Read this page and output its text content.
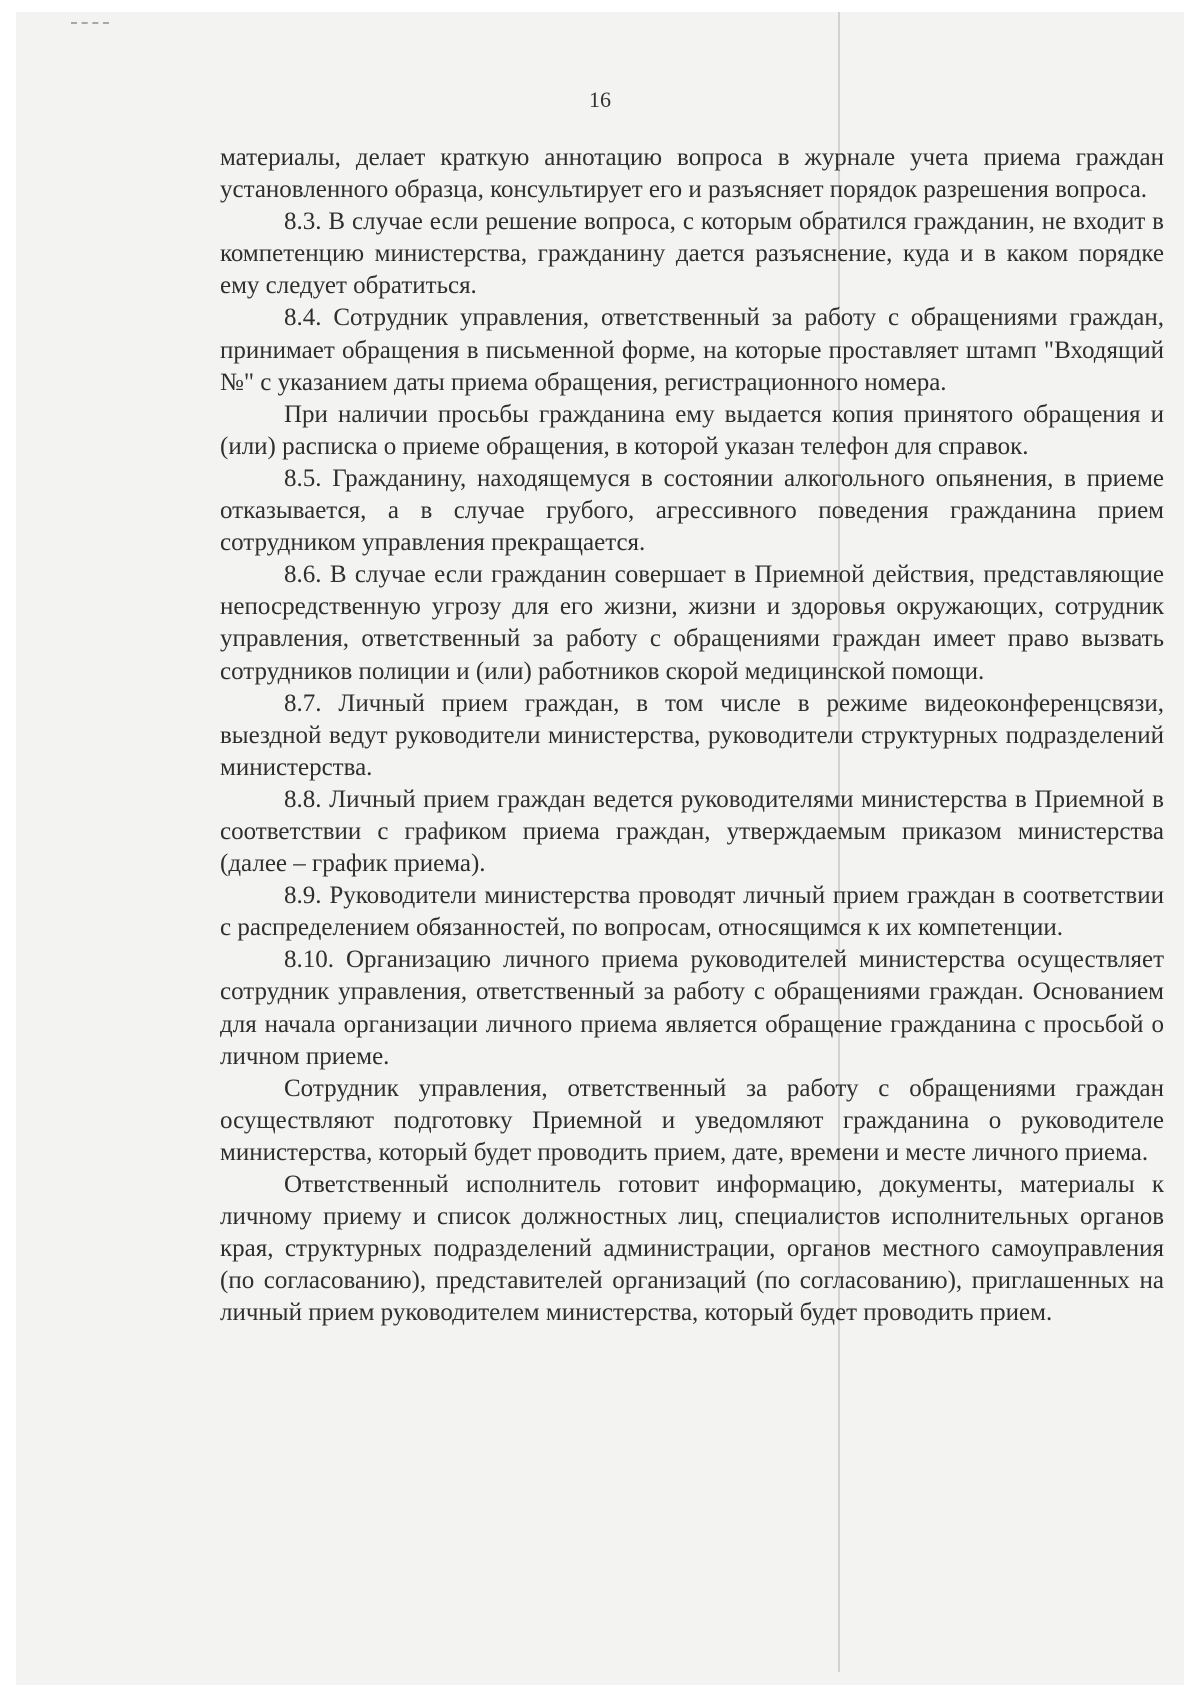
16

материалы, делает краткую аннотацию вопроса в журнале учета приема граждан установленного образца, консультирует его и разъясняет порядок разрешения вопроса.

8.3. В случае если решение вопроса, с которым обратился гражданин, не входит в компетенцию министерства, гражданину дается разъяснение, куда и в каком порядке ему следует обратиться.

8.4. Сотрудник управления, ответственный за работу с обращениями граждан, принимает обращения в письменной форме, на которые проставляет штамп "Входящий №" с указанием даты приема обращения, регистрационного номера.

При наличии просьбы гражданина ему выдается копия принятого обращения и (или) расписка о приеме обращения, в которой указан телефон для справок.

8.5. Гражданину, находящемуся в состоянии алкогольного опьянения, в приеме отказывается, а в случае грубого, агрессивного поведения гражданина прием сотрудником управления прекращается.

8.6. В случае если гражданин совершает в Приемной действия, представляющие непосредственную угрозу для его жизни, жизни и здоровья окружающих, сотрудник управления, ответственный за работу с обращениями граждан имеет право вызвать сотрудников полиции и (или) работников скорой медицинской помощи.

8.7. Личный прием граждан, в том числе в режиме видеоконференцсвязи, выездной ведут руководители министерства, руководители структурных подразделений министерства.

8.8. Личный прием граждан ведется руководителями министерства в Приемной в соответствии с графиком приема граждан, утверждаемым приказом министерства (далее – график приема).

8.9. Руководители министерства проводят личный прием граждан в соответствии с распределением обязанностей, по вопросам, относящимся к их компетенции.

8.10. Организацию личного приема руководителей министерства осуществляет сотрудник управления, ответственный за работу с обращениями граждан. Основанием для начала организации личного приема является обращение гражданина с просьбой о личном приеме.

Сотрудник управления, ответственный за работу с обращениями граждан осуществляют подготовку Приемной и уведомляют гражданина о руководителе министерства, который будет проводить прием, дате, времени и месте личного приема.

Ответственный исполнитель готовит информацию, документы, материалы к личному приему и список должностных лиц, специалистов исполнительных органов края, структурных подразделений администрации, органов местного самоуправления (по согласованию), представителей организаций (по согласованию), приглашенных на личный прием руководителем министерства, который будет проводить прием.
